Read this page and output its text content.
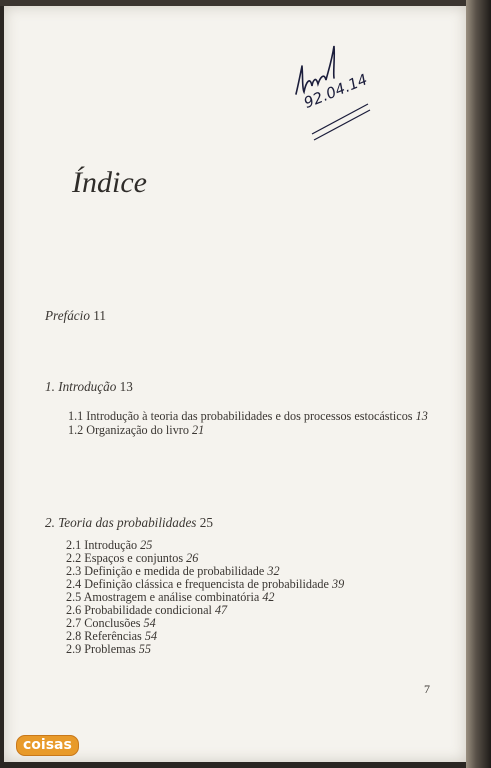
92.04.14
Índice
Prefácio 11
1. Introdução 13
1.1 Introdução à teoria das probabilidades e dos processos estocásticos 13
1.2 Organização do livro 21
2. Teoria das probabilidades 25
2.1 Introdução 25
2.2 Espaços e conjuntos 26
2.3 Definição e medida de probabilidade 32
2.4 Definição clássica e frequencista de probabilidade 39
2.5 Amostragem e análise combinatória 42
2.6 Probabilidade condicional 47
2.7 Conclusões 54
2.8 Referências 54
2.9 Problemas 55
7
coisas
